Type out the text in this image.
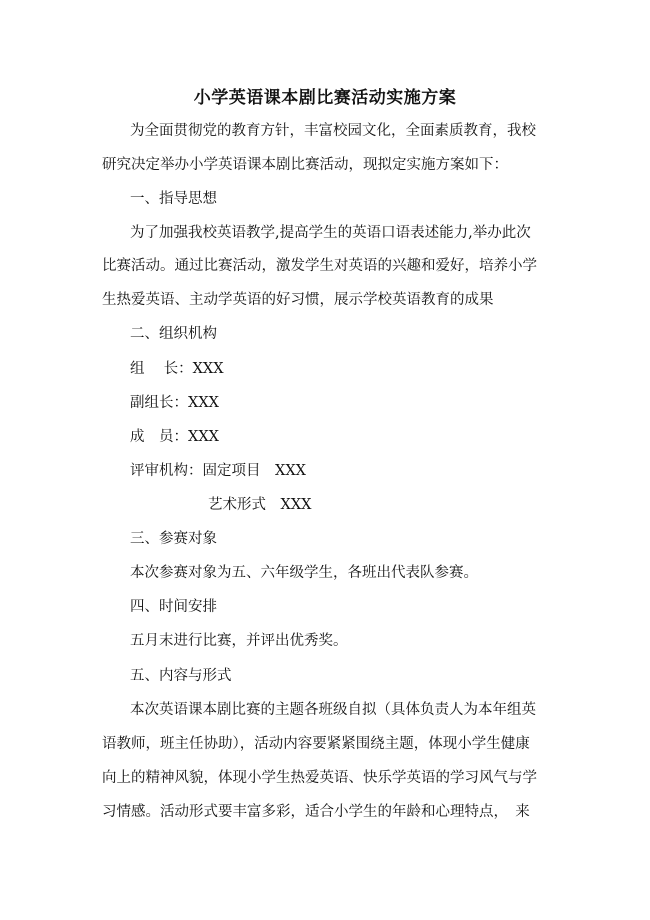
小学英语课本剧比赛活动实施方案
为全面贯彻党的教育方针，丰富校园文化，全面素质教育，我校
研究决定举办小学英语课本剧比赛活动，现拟定实施方案如下：
一、指导思想
为了加强我校英语教学,提高学生的英语口语表述能力,举办此次
比赛活动。通过比赛活动，激发学生对英语的兴趣和爱好，培养小学
生热爱英语、主动学英语的好习惯，展示学校英语教育的成果
二、组织机构
组　 长：XXX
副组长：XXX
成　员：XXX
评审机构：固定项目　XXX
艺术形式　XXX
三、参赛对象
本次参赛对象为五、六年级学生，各班出代表队参赛。
四、时间安排
五月末进行比赛，并评出优秀奖。
五、内容与形式
本次英语课本剧比赛的主题各班级自拟（具体负责人为本年组英
语教师，班主任协助），活动内容要紧紧围绕主题，体现小学生健康
向上的精神风貌，体现小学生热爱英语、快乐学英语的学习风气与学
习情感。活动形式要丰富多彩，适合小学生的年龄和心理特点，　来
